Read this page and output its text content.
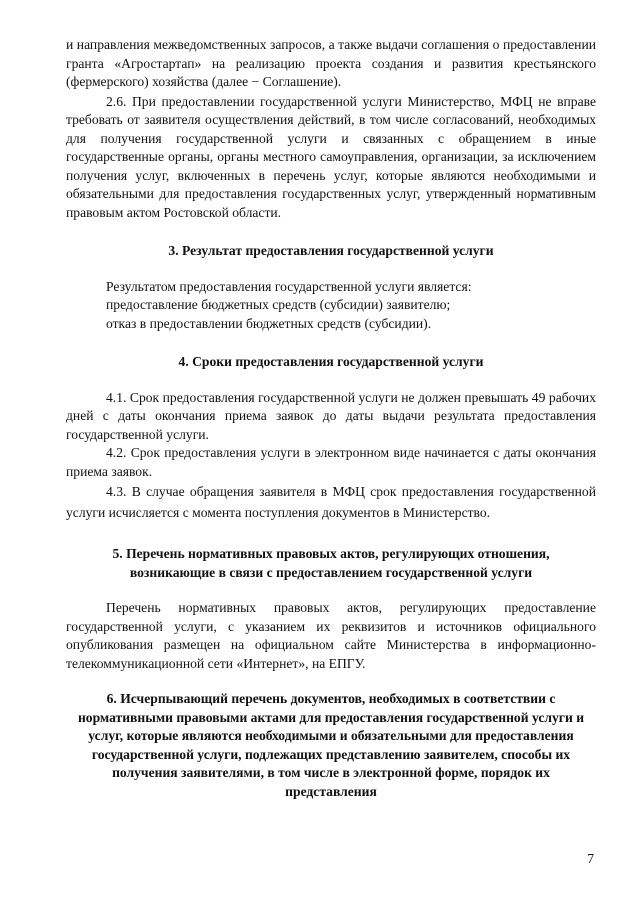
и направления межведомственных запросов, а также выдачи соглашения о предоставлении гранта «Агростартап» на реализацию проекта создания и развития крестьянского (фермерского) хозяйства (далее − Соглашение).

2.6. При предоставлении государственной услуги Министерство, МФЦ не вправе требовать от заявителя осуществления действий, в том числе согласований, необходимых для получения государственной услуги и связанных с обращением в иные государственные органы, органы местного самоуправления, организации, за исключением получения услуг, включенных в перечень услуг, которые являются необходимыми и обязательными для предоставления государственных услуг, утвержденный нормативным правовым актом Ростовской области.

3. Результат предоставления государственной услуги

Результатом предоставления государственной услуги является:

предоставление бюджетных средств (субсидии) заявителю;

отказ в предоставлении бюджетных средств (субсидии).

4. Сроки предоставления государственной услуги

4.1. Срок предоставления государственной услуги не должен превышать 49 рабочих дней с даты окончания приема заявок до даты выдачи результата предоставления государственной услуги.

4.2. Срок предоставления услуги в электронном виде начинается с даты окончания приема заявок.

4.3. В случае обращения заявителя в МФЦ срок предоставления государственной услуги исчисляется с момента поступления документов в Министерство.

5. Перечень нормативных правовых актов, регулирующих отношения, возникающие в связи с предоставлением государственной услуги

Перечень нормативных правовых актов, регулирующих предоставление государственной услуги, с указанием их реквизитов и источников официального опубликования размещен на официальном сайте Министерства в информационно-телекоммуникационной сети «Интернет», на ЕПГУ.

6. Исчерпывающий перечень документов, необходимых в соответствии с нормативными правовыми актами для предоставления государственной услуги и услуг, которые являются необходимыми и обязательными для предоставления государственной услуги, подлежащих представлению заявителем, способы их получения заявителями, в том числе в электронной форме, порядок их представления

7
